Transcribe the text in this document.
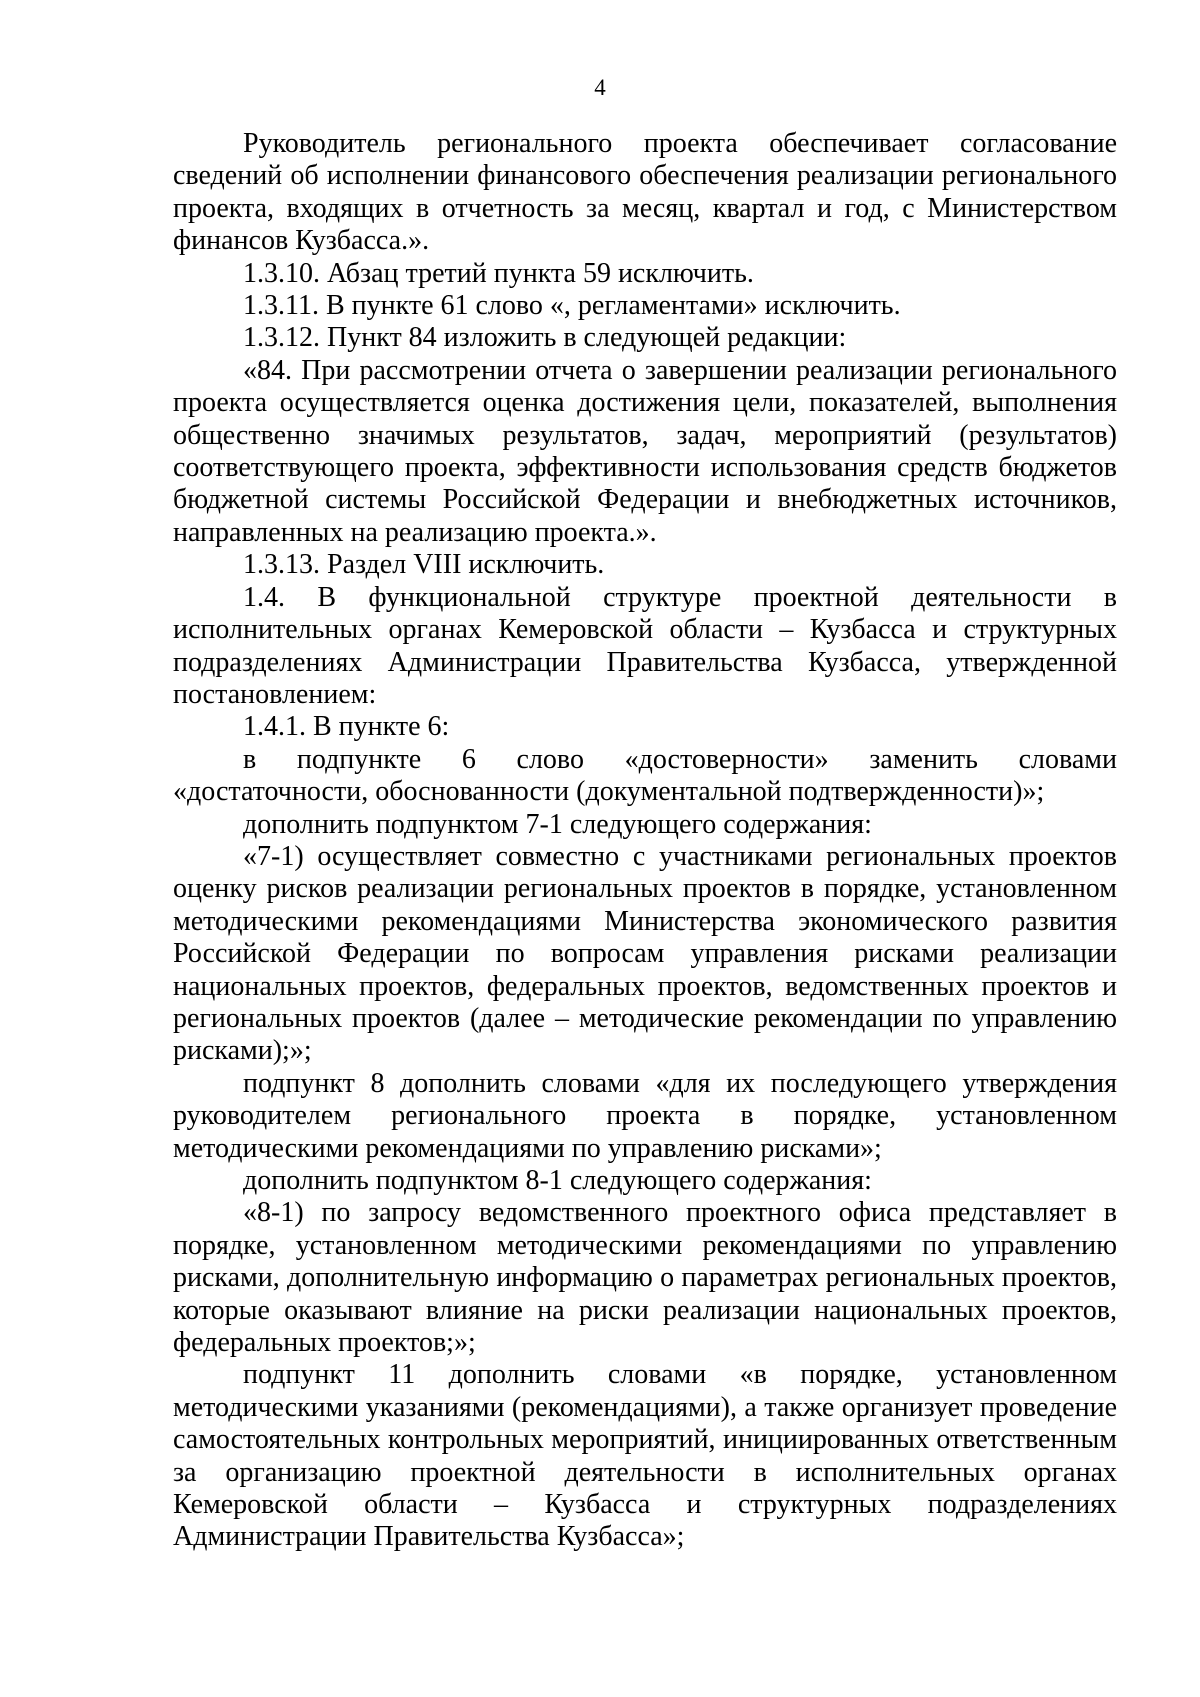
4

Руководитель регионального проекта обеспечивает согласование сведений об исполнении финансового обеспечения реализации регионального проекта, входящих в отчетность за месяц, квартал и год, с Министерством финансов Кузбасса.».

1.3.10. Абзац третий пункта 59 исключить.

1.3.11. В пункте 61 слово «, регламентами» исключить.

1.3.12. Пункт 84 изложить в следующей редакции:

«84. При рассмотрении отчета о завершении реализации регионального проекта осуществляется оценка достижения цели, показателей, выполнения общественно значимых результатов, задач, мероприятий (результатов) соответствующего проекта, эффективности использования средств бюджетов бюджетной системы Российской Федерации и внебюджетных источников, направленных на реализацию проекта.».

1.3.13. Раздел VIII исключить.

1.4. В функциональной структуре проектной деятельности в исполнительных органах Кемеровской области – Кузбасса и структурных подразделениях Администрации Правительства Кузбасса, утвержденной постановлением:

1.4.1. В пункте 6:

в подпункте 6 слово «достоверности» заменить словами «достаточности, обоснованности (документальной подтвержденности)»;

дополнить подпунктом 7-1 следующего содержания:

«7-1) осуществляет совместно с участниками региональных проектов оценку рисков реализации региональных проектов в порядке, установленном методическими рекомендациями Министерства экономического развития Российской Федерации по вопросам управления рисками реализации национальных проектов, федеральных проектов, ведомственных проектов и региональных проектов (далее – методические рекомендации по управлению рисками);»;

подпункт 8 дополнить словами «для их последующего утверждения руководителем регионального проекта в порядке, установленном методическими рекомендациями по управлению рисками»;

дополнить подпунктом 8-1 следующего содержания:

«8-1) по запросу ведомственного проектного офиса представляет в порядке, установленном методическими рекомендациями по управлению рисками, дополнительную информацию о параметрах региональных проектов, которые оказывают влияние на риски реализации национальных проектов, федеральных проектов;»;

подпункт 11 дополнить словами «в порядке, установленном методическими указаниями (рекомендациями), а также организует проведение самостоятельных контрольных мероприятий, инициированных ответственным за организацию проектной деятельности в исполнительных органах Кемеровской области – Кузбасса и структурных подразделениях Администрации Правительства Кузбасса»;
